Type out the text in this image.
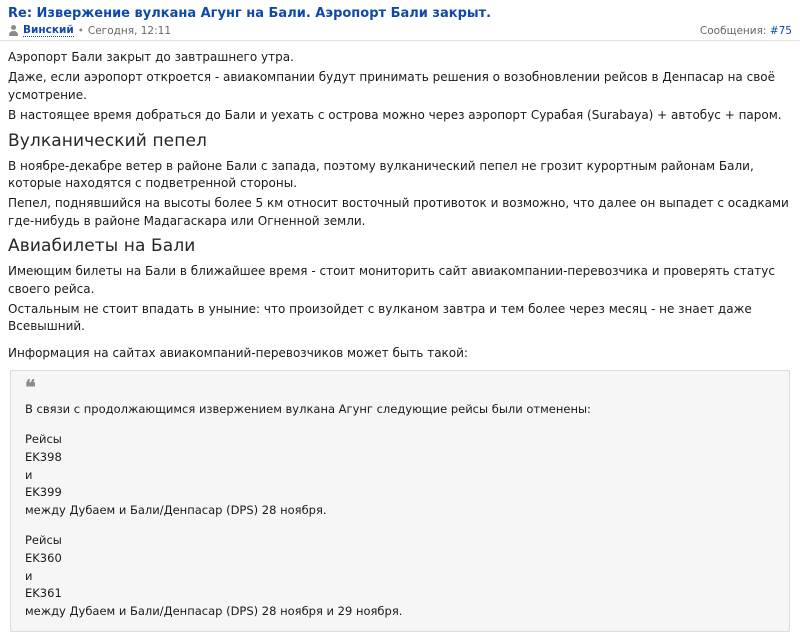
Re: Извержение вулкана Агунг на Бали. Аэропорт Бали закрыт.
Винский • Сегодня, 12:11	Сообщения: #75

Аэропорт Бали закрыт до завтрашнего утра.

Даже, если аэропорт откроется - авиакомпании будут принимать решения о возобновлении рейсов в Денпасар на своё усмотрение.

В настоящее время добраться до Бали и уехать с острова можно через аэропорт Сурабая (Surabaya) + автобус + паром.

Вулканический пепел

В ноябре-декабре ветер в районе Бали с запада, поэтому вулканический пепел не грозит курортным районам Бали, которые находятся с подветренной стороны.

Пепел, поднявшийся на высоты более 5 км относит восточный противоток и возможно, что далее он выпадет с осадками где-нибудь в районе Мадагаскара или Огненной земли.

Авиабилеты на Бали

Имеющим билеты на Бали в ближайшее время - стоит мониторить сайт авиакомпании-перевозчика и проверять статус своего рейса.

Остальным не стоит впадать в уныние: что произойдет с вулканом завтра и тем более через месяц - не знает даже Всевышний.

Информация на сайтах авиакомпаний-перевозчиков может быть такой:

❝

В связи с продолжающимся извержением вулкана Агунг следующие рейсы были отменены:

Рейсы

EK398

и

EK399

между Дубаем и Бали/Денпасар (DPS) 28 ноября.

Рейсы

EK360

и

EK361

между Дубаем и Бали/Денпасар (DPS) 28 ноября и 29 ноября.
